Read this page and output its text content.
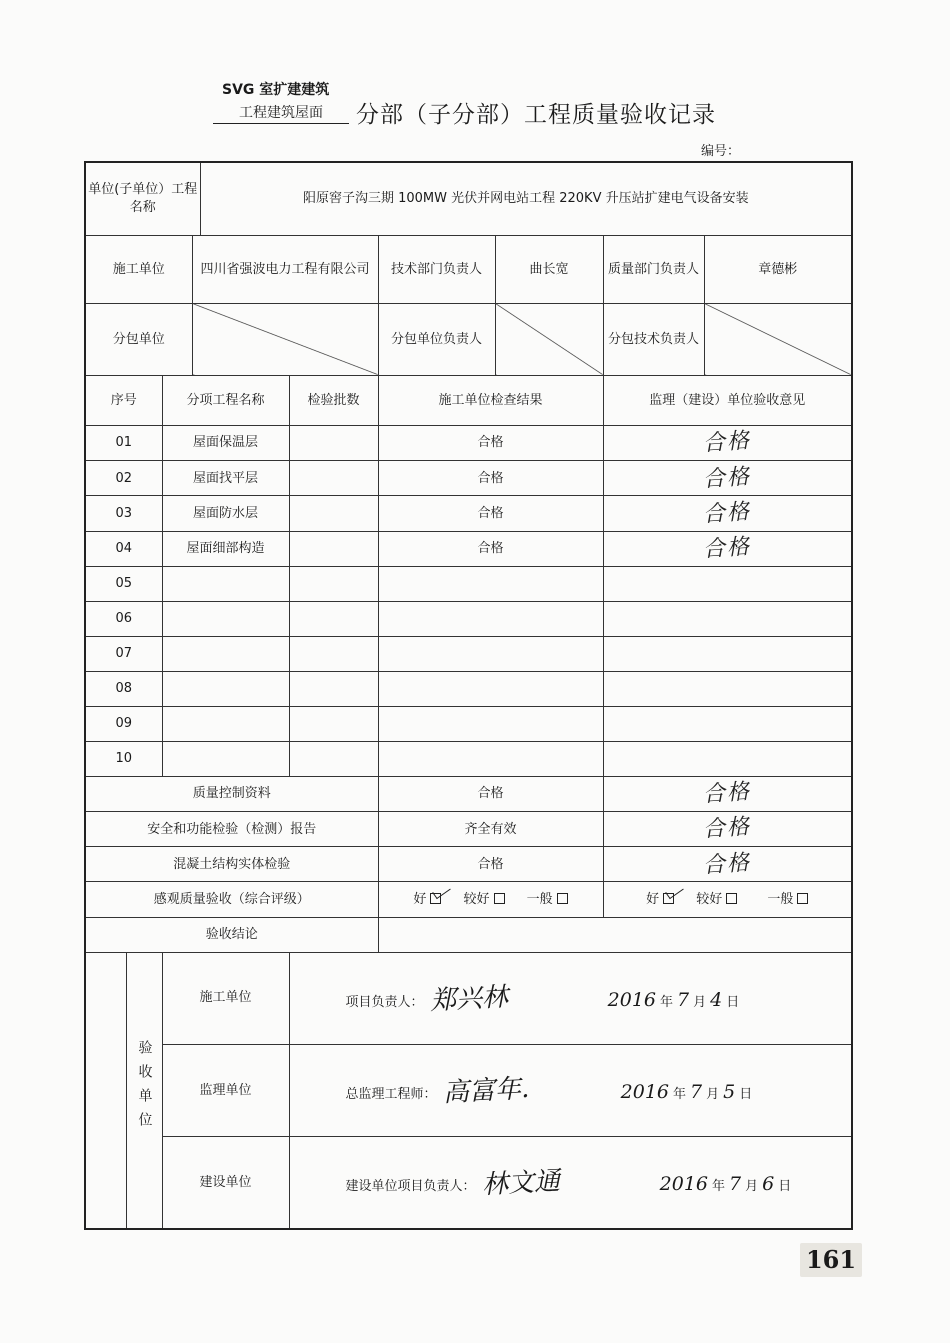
SVG 室扩建建筑
工程建筑屋面	分部（子分部）工程质量验收记录
编号：
单位(子单位）工程名称				阳原窖子沟三期 100MW 光伏并网电站工程 220KV 升压站扩建电气设备安装					
施工单位			四川省强波电力工程有限公司			技术部门负责人	曲长宽	质量部门负责人	章德彬
分包单位						分包单位负责人		分包技术负责人	
序号		分项工程名称			检验批数	施工单位检查结果		监理（建设）单位验收意见	
01		屋面保温层				合格		合格	
02		屋面找平层				合格		合格	
03		屋面防水层				合格		合格	
04		屋面细部构造				合格		合格	
05									
06									
07									
08									
09									
10									
质量控制资料						合格		合格	
安全和功能检验（检测）报告						齐全有效		合格	
混凝土结构实体检验						合格		合格	
感观质量验收（综合评级）						好 较好 一般		好 较好 一般	
验收结论									
	验收单位	施工单位			项目负责人： 郑兴林 2016 年 7 月 4 日				
		监理单位			总监理工程师： 高富年. 2016 年 7 月 5 日				
		建设单位			建设单位项目负责人： 林文通 2016 年 7 月 6 日				
161
